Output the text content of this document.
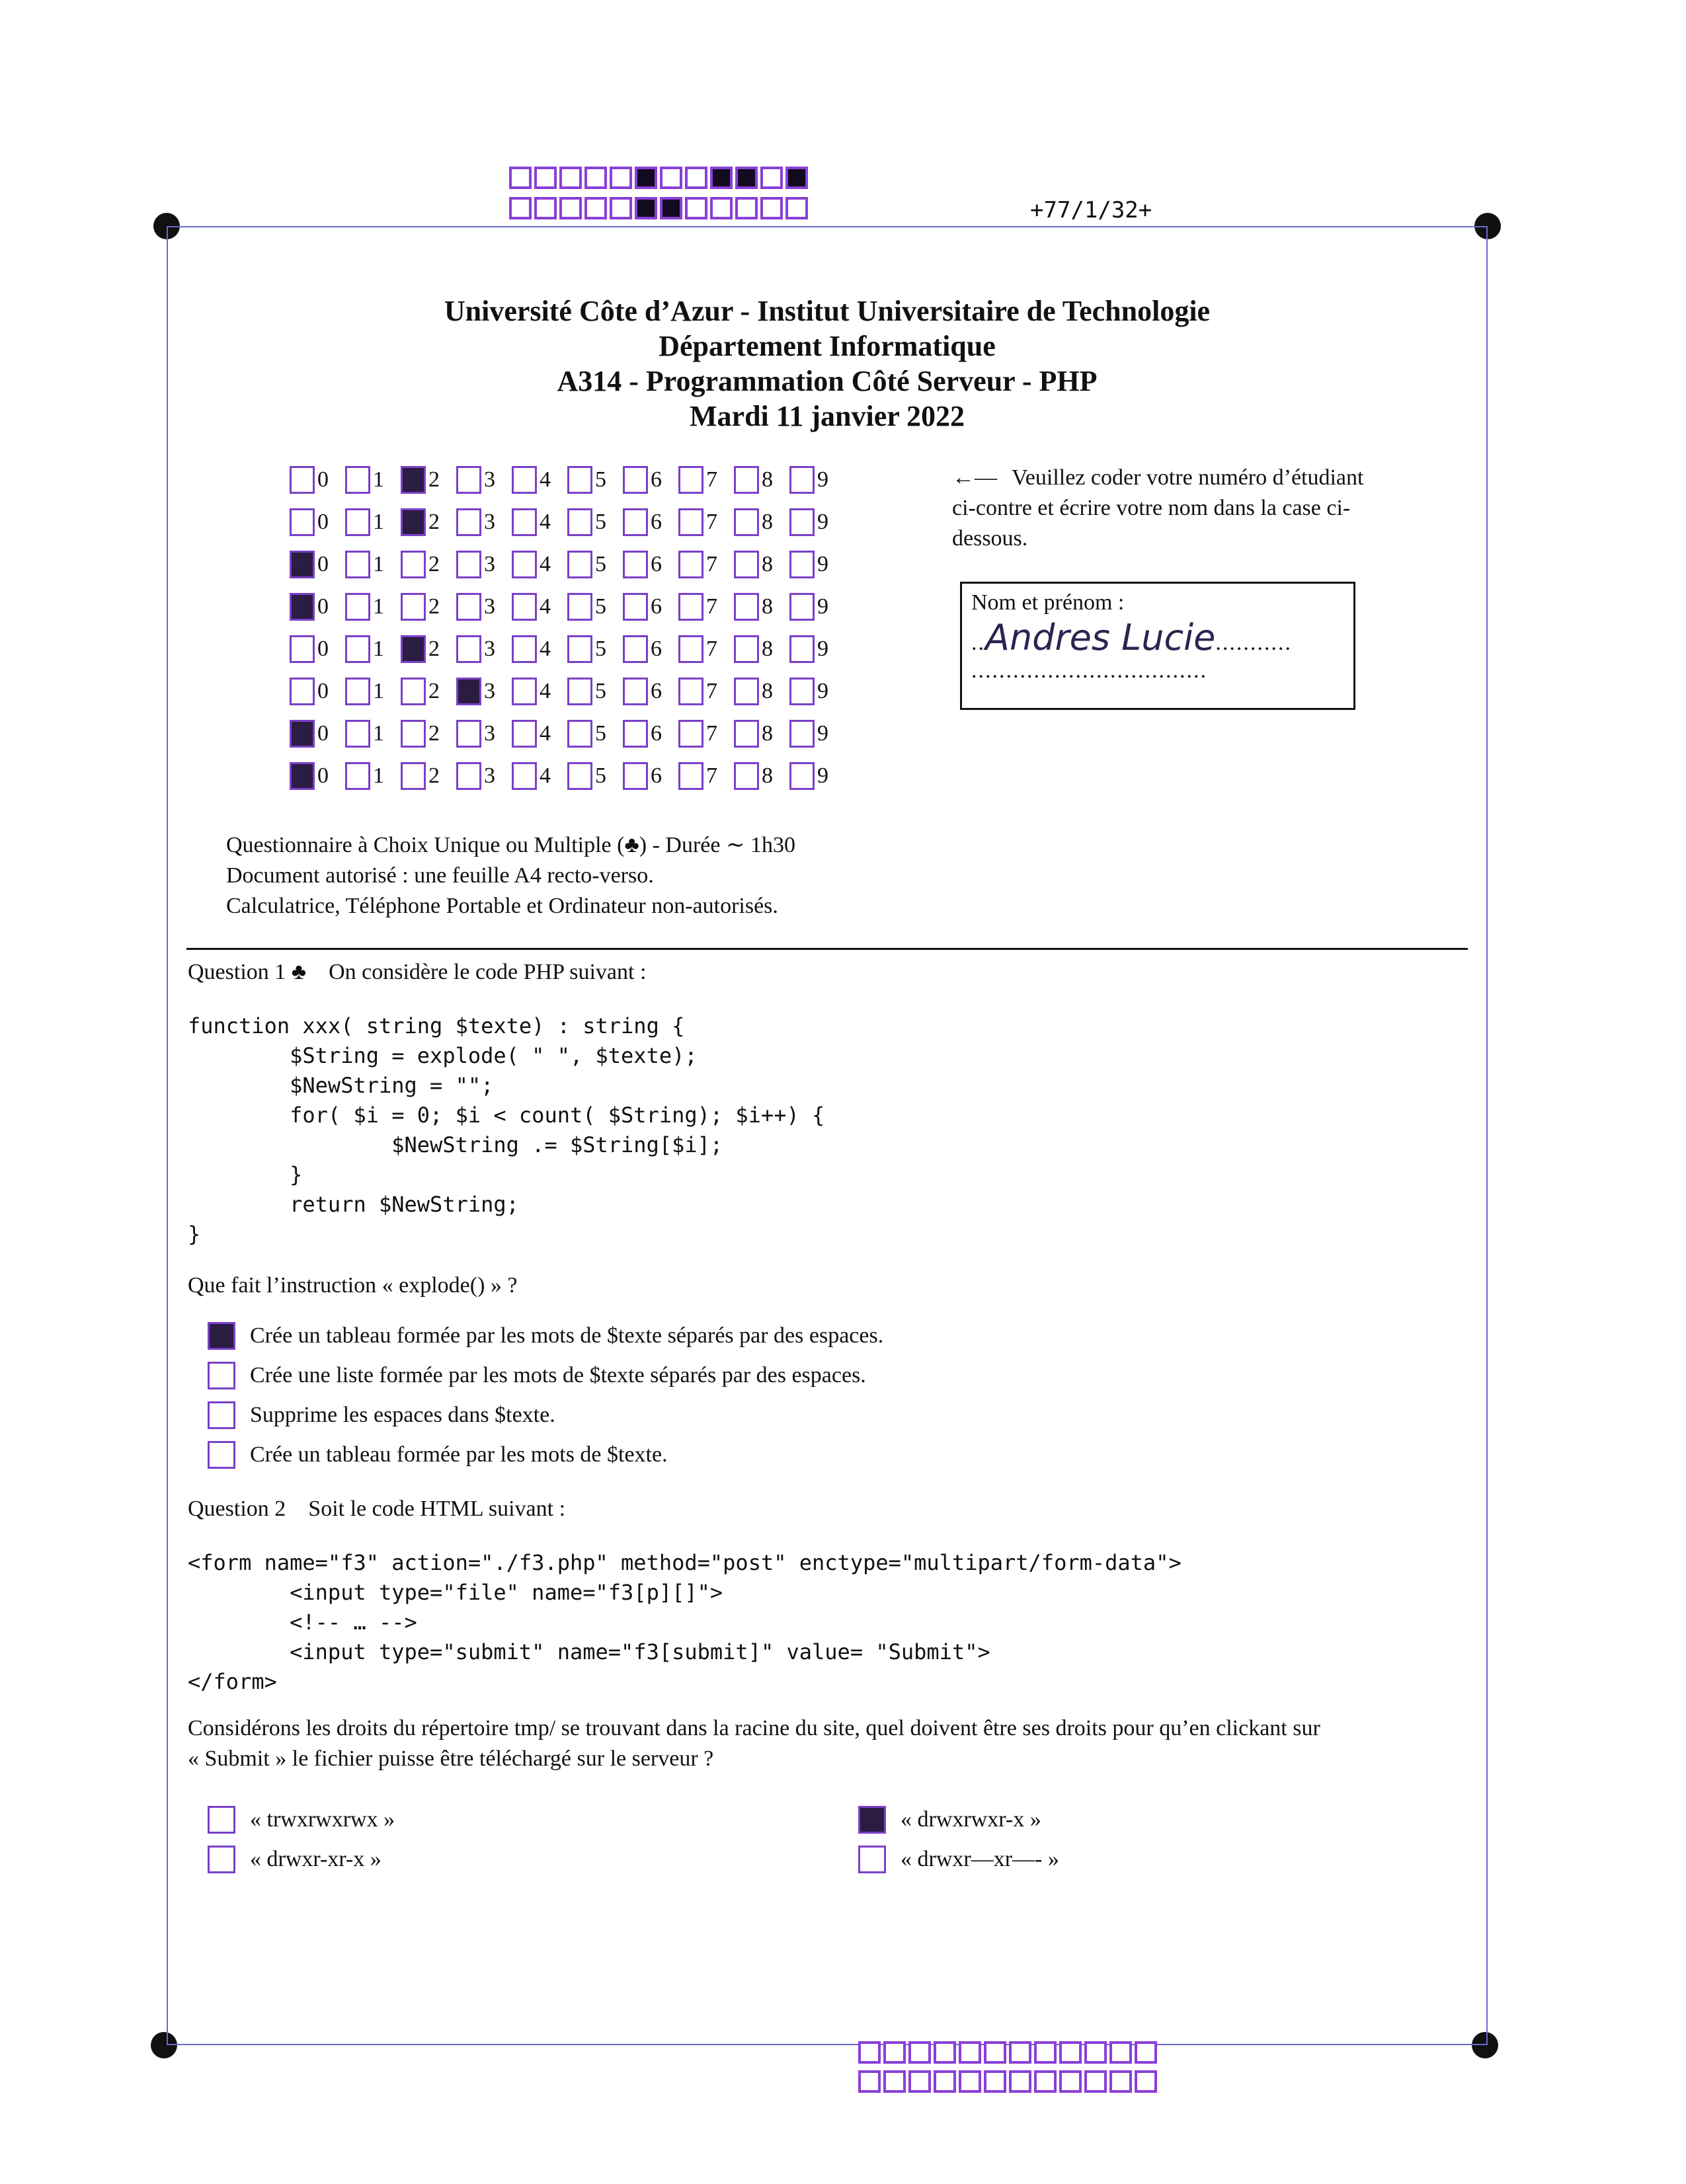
+77/1/32+
Université Côte d’Azur - Institut Universitaire de Technologie
Département Informatique
A314 - Programmation Côté Serveur - PHP
Mardi 11 janvier 2022
0 1 2 3 4 5 6 7 8 9
0 1 2 3 4 5 6 7 8 9
0 1 2 3 4 5 6 7 8 9
0 1 2 3 4 5 6 7 8 9
0 1 2 3 4 5 6 7 8 9
0 1 2 3 4 5 6 7 8 9
0 1 2 3 4 5 6 7 8 9
0 1 2 3 4 5 6 7 8 9
←— Veuillez coder votre numéro d’étudiant ci-contre et écrire votre nom dans la case ci-dessous.
Nom et prénom :
..Andres Lucie...........
..................................
Questionnaire à Choix Unique ou Multiple (♣) - Durée ∼ 1h30
Document autorisé : une feuille A4 recto-verso.
Calculatrice, Téléphone Portable et Ordinateur non-autorisés.
Question 1 ♣ On considère le code PHP suivant :
function xxx( string $texte) : string {
$String = explode( " ", $texte);
$NewString = "";
for( $i = 0; $i < count( $String); $i++) {
$NewString .= $String[$i];
}
return $NewString;
}
Que fait l’instruction « explode() » ?
Crée un tableau formée par les mots de $texte séparés par des espaces.
Crée une liste formée par les mots de $texte séparés par des espaces.
Supprime les espaces dans $texte.
Crée un tableau formée par les mots de $texte.
Question 2 Soit le code HTML suivant :
<form name="f3" action="./f3.php" method="post" enctype="multipart/form-data">
<input type="file" name="f3[p][]">
<!-- … -->
<input type="submit" name="f3[submit]" value= "Submit">
</form>
Considérons les droits du répertoire tmp/ se trouvant dans la racine du site, quel doivent être ses droits pour qu’en clickant sur
« Submit » le fichier puisse être téléchargé sur le serveur ?
« trwxrwxrwx »	« drwxrwxr-x »
« drwxr-xr-x »	« drwxr—xr—- »
